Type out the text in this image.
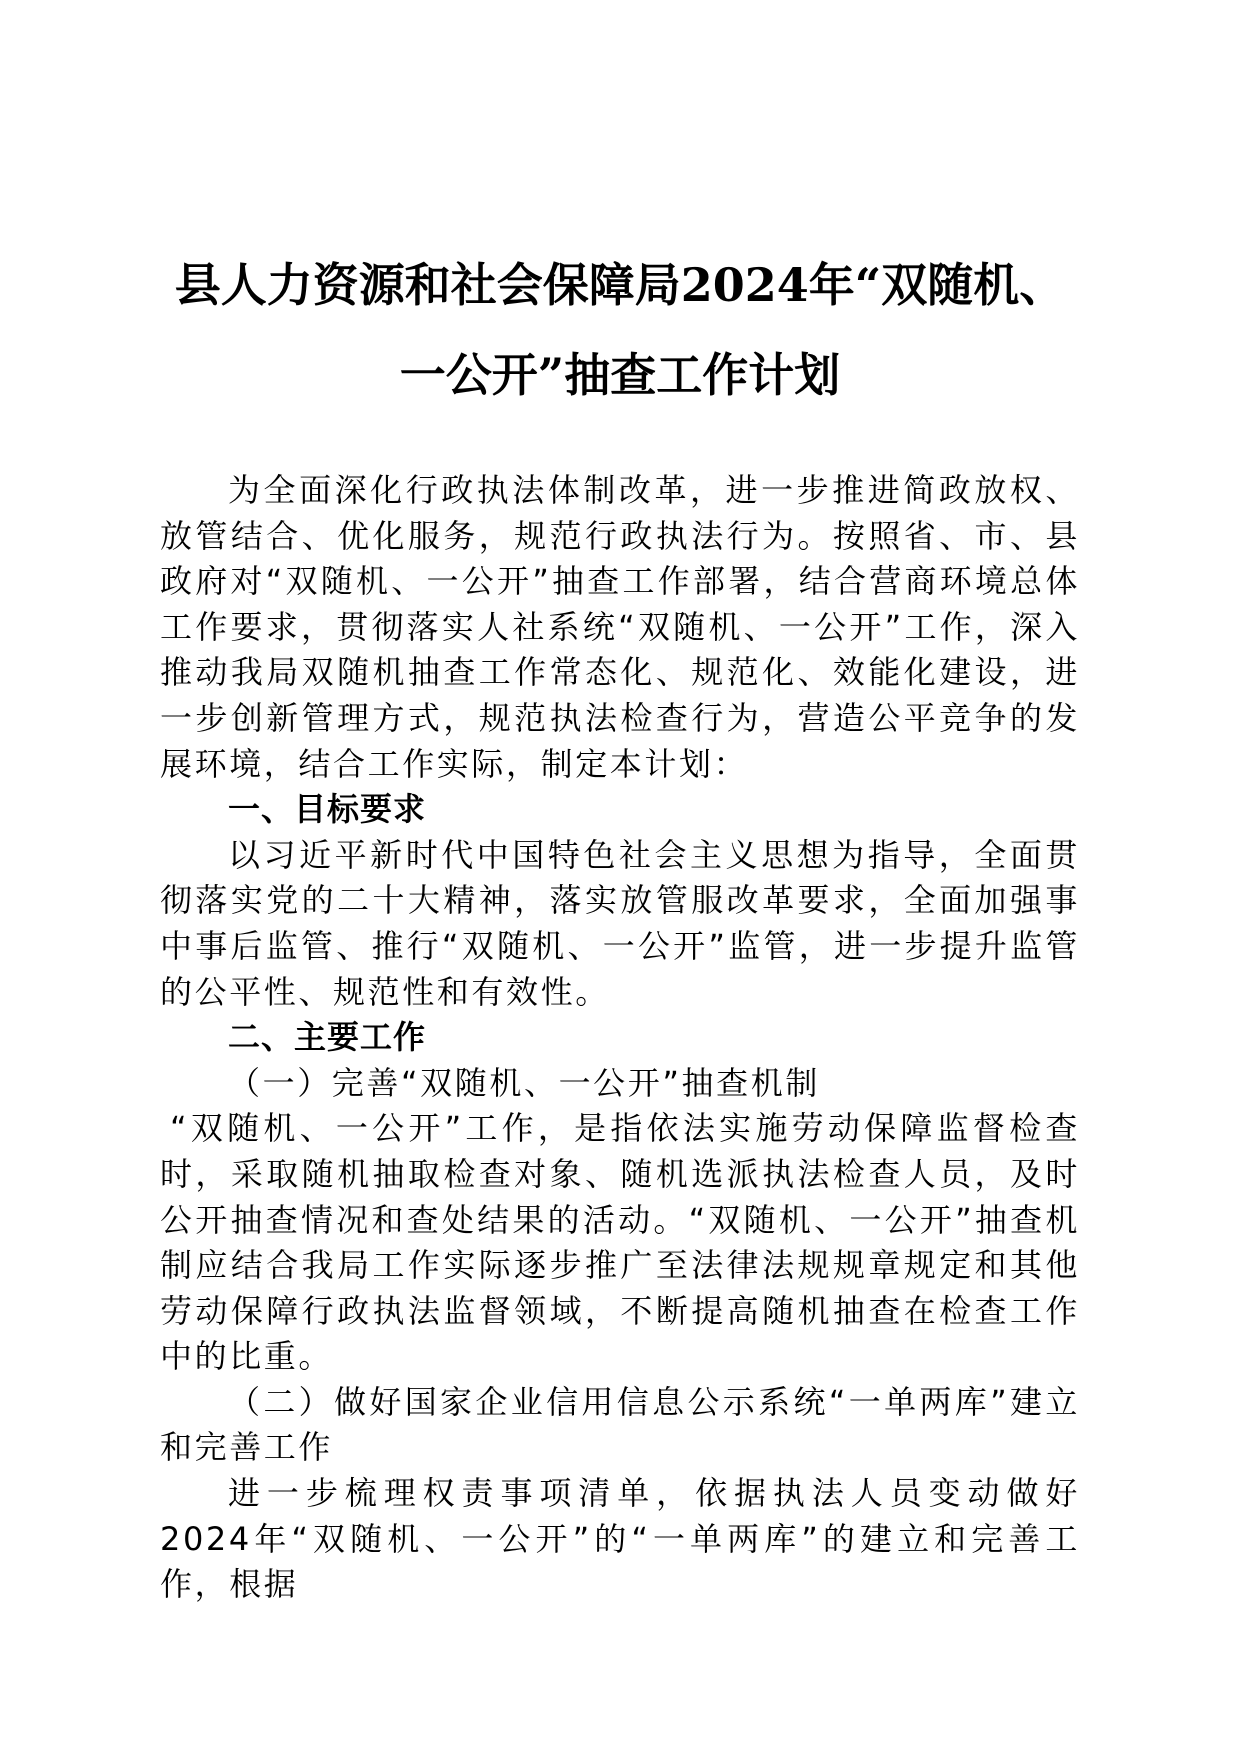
县人力资源和社会保障局2024年“双随机、
一公开”抽查工作计划

为全面深化行政执法体制改革，进一步推进简政放权、放管结合、优化服务，规范行政执法行为。按照省、市、县政府对“双随机、一公开”抽查工作部署，结合营商环境总体工作要求，贯彻落实人社系统“双随机、一公开”工作，深入推动我局双随机抽查工作常态化、规范化、效能化建设，进一步创新管理方式，规范执法检查行为，营造公平竞争的发展环境，结合工作实际，制定本计划：

一、目标要求

以习近平新时代中国特色社会主义思想为指导，全面贯彻落实党的二十大精神，落实放管服改革要求，全面加强事中事后监管、推行“双随机、一公开”监管，进一步提升监管的公平性、规范性和有效性。

二、主要工作

（一）完善“双随机、一公开”抽查机制

“双随机、一公开”工作，是指依法实施劳动保障监督检查时，采取随机抽取检查对象、随机选派执法检查人员，及时公开抽查情况和查处结果的活动。“双随机、一公开”抽查机制应结合我局工作实际逐步推广至法律法规规章规定和其他劳动保障行政执法监督领域，不断提高随机抽查在检查工作中的比重。

（二）做好国家企业信用信息公示系统“一单两库”建立和完善工作

进一步梳理权责事项清单，依据执法人员变动做好2024年“双随机、一公开”的“一单两库”的建立和完善工作，根据
